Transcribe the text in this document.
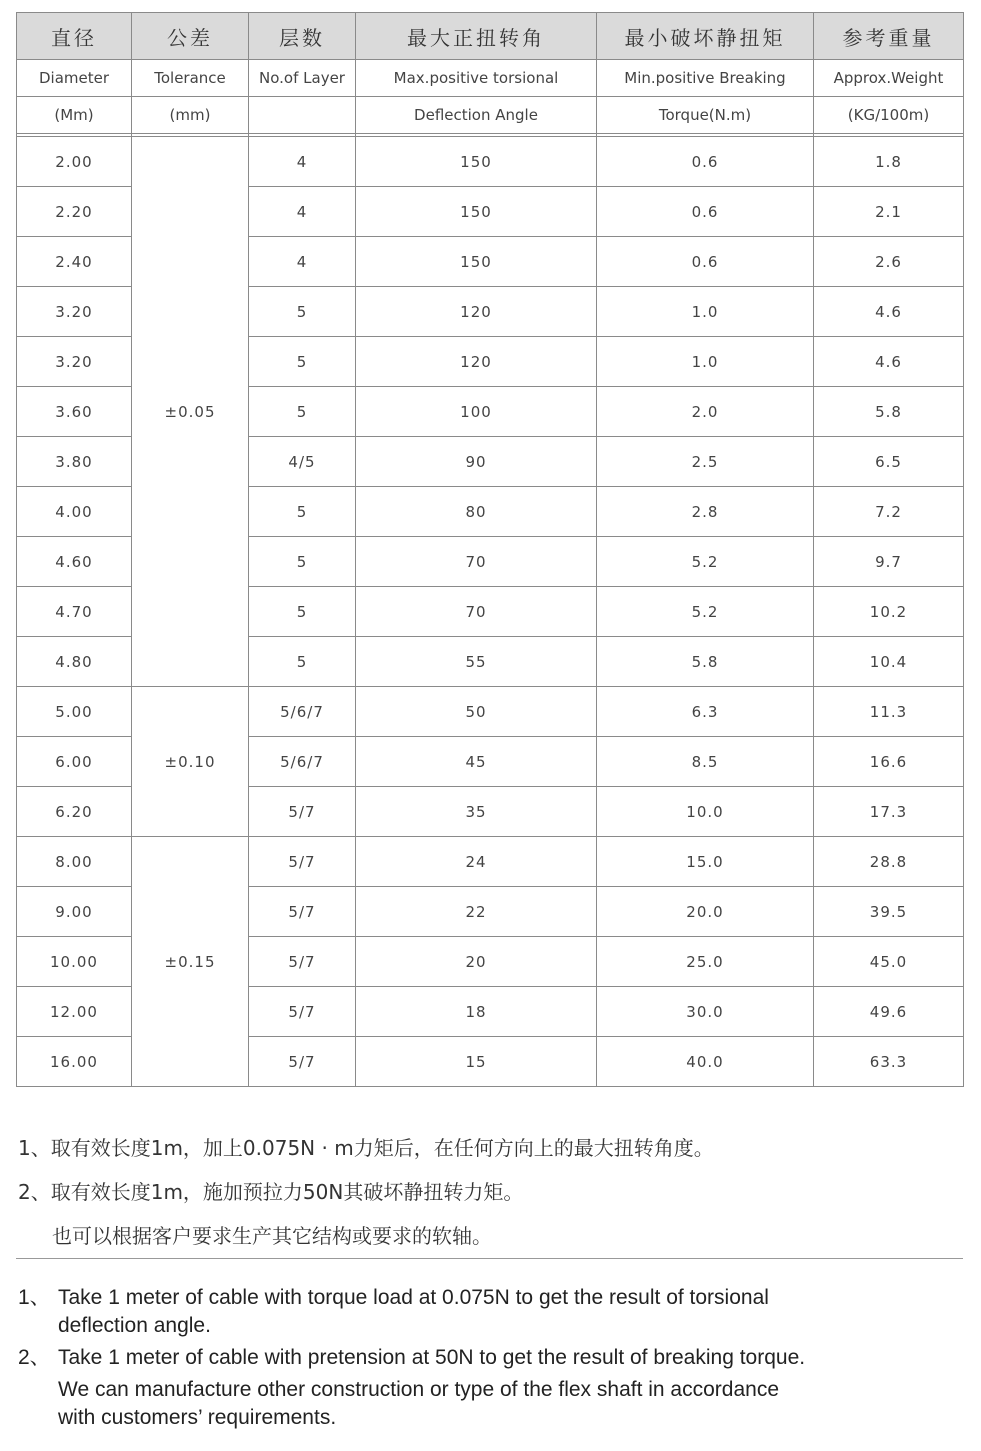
直径	公差	层数	最大正扭转角	最小破坏静扭矩	参考重量
Diameter	Tolerance	No.of Layer	Max.positive torsional	Min.positive Breaking	Approx.Weight
(Mm)	(mm)		Deflection Angle	Torque(N.m)	(KG/100m)

2.00	±0.05	4	150	0.6	1.8
2.20		4	150	0.6	2.1
2.40		4	150	0.6	2.6
3.20		5	120	1.0	4.6
3.20		5	120	1.0	4.6
3.60		5	100	2.0	5.8
3.80		4/5	90	2.5	6.5
4.00		5	80	2.8	7.2
4.60		5	70	5.2	9.7
4.70		5	70	5.2	10.2
4.80		5	55	5.8	10.4
5.00	±0.10	5/6/7	50	6.3	11.3
6.00		5/6/7	45	8.5	16.6
6.20		5/7	35	10.0	17.3
8.00	±0.15	5/7	24	15.0	28.8
9.00		5/7	22	20.0	39.5
10.00		5/7	20	25.0	45.0
12.00		5/7	18	30.0	49.6
16.00		5/7	15	40.0	63.3
1、取有效长度1m，加上0.075N · m力矩后，在任何方向上的最大扭转角度。
2、取有效长度1m，施加预拉力50N其破坏静扭转力矩。
也可以根据客户要求生产其它结构或要求的软轴。
1、 Take 1 meter of cable with torque load at 0.075N to get the result of torsional
deflection angle.
2、 Take 1 meter of cable with pretension at 50N to get the result of breaking torque.
We can manufacture other construction or type of the flex shaft in accordance
with customers’ requirements.
